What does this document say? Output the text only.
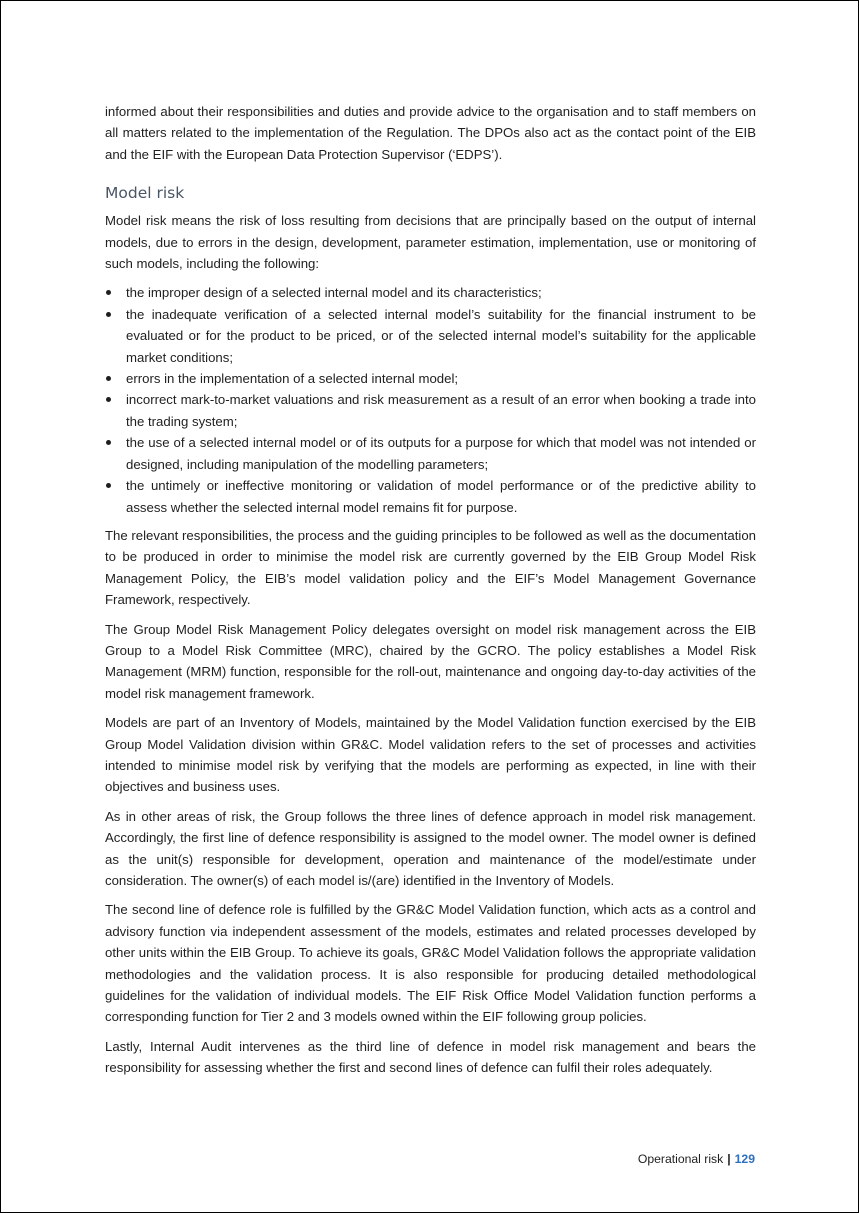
informed about their responsibilities and duties and provide advice to the organisation and to staff members on all matters related to the implementation of the Regulation. The DPOs also act as the contact point of the EIB and the EIF with the European Data Protection Supervisor (‘EDPS’).

Model risk

Model risk means the risk of loss resulting from decisions that are principally based on the output of internal models, due to errors in the design, development, parameter estimation, implementation, use or monitoring of such models, including the following:

the improper design of a selected internal model and its characteristics;
the inadequate verification of a selected internal model’s suitability for the financial instrument to be evaluated or for the product to be priced, or of the selected internal model’s suitability for the applicable market conditions;
errors in the implementation of a selected internal model;
incorrect mark-to-market valuations and risk measurement as a result of an error when booking a trade into the trading system;
the use of a selected internal model or of its outputs for a purpose for which that model was not intended or designed, including manipulation of the modelling parameters;
the untimely or ineffective monitoring or validation of model performance or of the predictive ability to assess whether the selected internal model remains fit for purpose.

The relevant responsibilities, the process and the guiding principles to be followed as well as the documentation to be produced in order to minimise the model risk are currently governed by the EIB Group Model Risk Management Policy, the EIB’s model validation policy and the EIF’s Model Management Governance Framework, respectively.

The Group Model Risk Management Policy delegates oversight on model risk management across the EIB Group to a Model Risk Committee (MRC), chaired by the GCRO. The policy establishes a Model Risk Management (MRM) function, responsible for the roll-out, maintenance and ongoing day-to-day activities of the model risk management framework.

Models are part of an Inventory of Models, maintained by the Model Validation function exercised by the EIB Group Model Validation division within GR&C. Model validation refers to the set of processes and activities intended to minimise model risk by verifying that the models are performing as expected, in line with their objectives and business uses.

As in other areas of risk, the Group follows the three lines of defence approach in model risk management. Accordingly, the first line of defence responsibility is assigned to the model owner. The model owner is defined as the unit(s) responsible for development, operation and maintenance of the model/estimate under consideration. The owner(s) of each model is/(are) identified in the Inventory of Models.

The second line of defence role is fulfilled by the GR&C Model Validation function, which acts as a control and advisory function via independent assessment of the models, estimates and related processes developed by other units within the EIB Group. To achieve its goals, GR&C Model Validation follows the appropriate validation methodologies and the validation process. It is also responsible for producing detailed methodological guidelines for the validation of individual models. The EIF Risk Office Model Validation function performs a corresponding function for Tier 2 and 3 models owned within the EIF following group policies.

Lastly, Internal Audit intervenes as the third line of defence in model risk management and bears the responsibility for assessing whether the first and second lines of defence can fulfil their roles adequately.

Operational risk | 129
